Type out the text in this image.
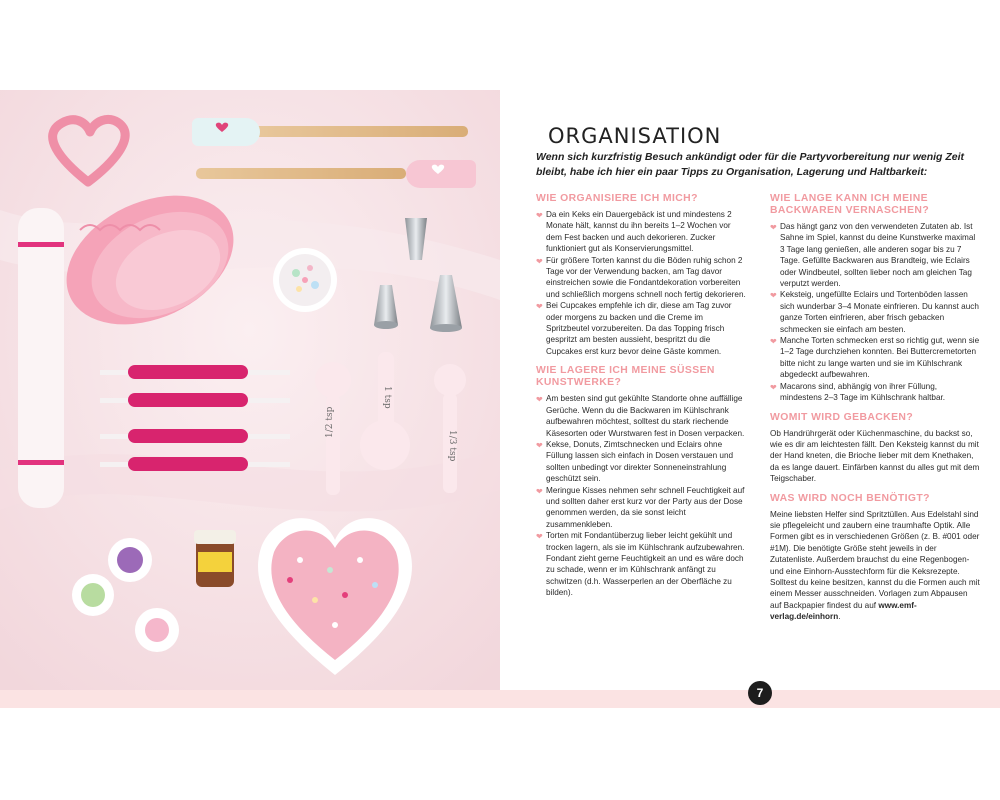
1 tsp
1/2 tsp
1/3 tsp
7
ORGANISATION
Wenn sich kurzfristig Besuch ankündigt oder für die Partyvorbereitung nur wenig Zeit bleibt, habe ich hier ein paar Tipps zu Organisation, Lagerung und Haltbarkeit:
WIE ORGANISIERE ICH MICH?

❤ Da ein Keks ein Dauergebäck ist und mindestens 2 Monate hält, kannst du ihn bereits 1–2 Wochen vor dem Fest backen und auch dekorieren. Zucker funktioniert gut als Konservierungsmittel.

❤ Für größere Torten kannst du die Böden ruhig schon 2 Tage vor der Verwendung backen, am Tag davor einstreichen sowie die Fondantdekoration vorbereiten und schließlich morgens schnell noch fertig dekorieren.

❤ Bei Cupcakes empfehle ich dir, diese am Tag zuvor oder morgens zu backen und die Creme im Spritzbeutel vorzubereiten. Da das Topping frisch gespritzt am besten aussieht, bespritzt du die Cupcakes erst kurz bevor deine Gäste kommen.

WIE LAGERE ICH MEINE SÜSSEN KUNSTWERKE?

❤ Am besten sind gut gekühlte Standorte ohne auffällige Gerüche. Wenn du die Backwaren im Kühlschrank aufbewahren möchtest, solltest du stark riechende Käsesorten oder Wurstwaren fest in Dosen verpacken.

❤ Kekse, Donuts, Zimtschnecken und Eclairs ohne Füllung lassen sich einfach in Dosen verstauen und sollten unbedingt vor direkter Sonneneinstrahlung geschützt sein.

❤ Meringue Kisses nehmen sehr schnell Feuchtigkeit auf und sollten daher erst kurz vor der Party aus der Dose genommen werden, da sie sonst leicht zusammenkleben.

❤ Torten mit Fondantüberzug lieber leicht gekühlt und trocken lagern, als sie im Kühlschrank aufzubewahren. Fondant zieht gerne Feuchtigkeit an und es wäre doch zu schade, wenn er im Kühlschrank anfängt zu schwitzen (d.h. Wasserperlen an der Oberfläche zu bilden).

WIE LANGE KANN ICH MEINE BACKWAREN VERNASCHEN?

❤ Das hängt ganz von den verwendeten Zutaten ab. Ist Sahne im Spiel, kannst du deine Kunstwerke maximal 3 Tage lang genießen, alle anderen sogar bis zu 7 Tage. Gefüllte Backwaren aus Brandteig, wie Eclairs oder Windbeutel, sollten lieber noch am gleichen Tag verputzt werden.

❤ Keksteig, ungefüllte Eclairs und Tortenböden lassen sich wunderbar 3–4 Monate einfrieren. Du kannst auch ganze Torten einfrieren, aber frisch gebacken schmecken sie einfach am besten.

❤ Manche Torten schmecken erst so richtig gut, wenn sie 1–2 Tage durchziehen konnten. Bei Buttercremetorten bitte nicht zu lange warten und sie im Kühlschrank abgedeckt aufbewahren.

❤ Macarons sind, abhängig von ihrer Füllung, mindestens 2–3 Tage im Kühlschrank haltbar.

WOMIT WIRD GEBACKEN?

Ob Handrührgerät oder Küchenmaschine, du backst so, wie es dir am leichtesten fällt. Den Keksteig kannst du mit der Hand kneten, die Brioche lieber mit dem Knethaken, da es lange dauert. Einfärben kannst du alles gut mit dem Teigschaber.

WAS WIRD NOCH BENÖTIGT?

Meine liebsten Helfer sind Spritztüllen. Aus Edelstahl sind sie pflegeleicht und zaubern eine traumhafte Optik. Alle Formen gibt es in verschiedenen Größen (z. B. #001 oder #1M). Die benötigte Größe steht jeweils in der Zutatenliste. Außerdem brauchst du eine Regenbogen- und eine Einhorn-Ausstechform für die Keksrezepte. Solltest du keine besitzen, kannst du die Formen auch mit einem Messer ausschneiden. Vorlagen zum Abpausen auf Backpapier findest du auf www.emf-verlag.de/einhorn.
